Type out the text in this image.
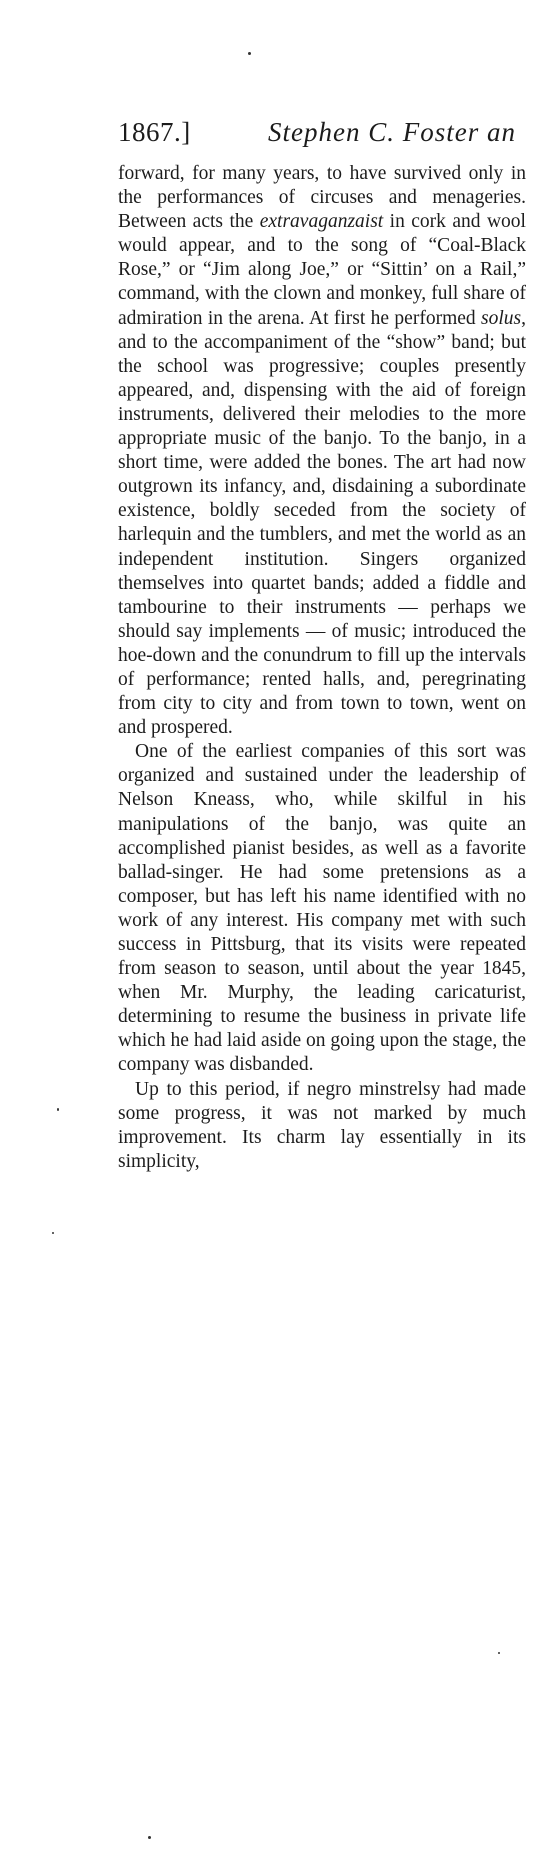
1867.]	Stephen C. Foster an

forward, for many years, to have survived only in the performances of circuses and menageries. Between acts the extravaganzaist in cork and wool would appear, and to the song of “Coal-Black Rose,” or “Jim along Joe,” or “Sittin’ on a Rail,” command, with the clown and monkey, full share of admiration in the arena. At first he performed solus, and to the accompaniment of the “show” band; but the school was progressive; couples presently appeared, and, dispensing with the aid of foreign instruments, delivered their melodies to the more appropriate music of the banjo. To the banjo, in a short time, were added the bones. The art had now outgrown its infancy, and, disdaining a subordinate existence, boldly seceded from the society of harlequin and the tumblers, and met the world as an independent institution. Singers organized themselves into quartet bands; added a fiddle and tambourine to their instruments — perhaps we should say implements — of music; introduced the hoe-down and the conundrum to fill up the intervals of performance; rented halls, and, peregrinating from city to city and from town to town, went on and prospered.

One of the earliest companies of this sort was organized and sustained under the leadership of Nelson Kneass, who, while skilful in his manipulations of the banjo, was quite an accomplished pianist besides, as well as a favorite ballad-singer. He had some pretensions as a composer, but has left his name identified with no work of any interest. His company met with such success in Pittsburg, that its visits were repeated from season to season, until about the year 1845, when Mr. Murphy, the leading caricaturist, determining to resume the business in private life which he had laid aside on going upon the stage, the company was disbanded.

Up to this period, if negro minstrelsy had made some progress, it was not marked by much improvement. Its charm lay essentially in its simplicity,
